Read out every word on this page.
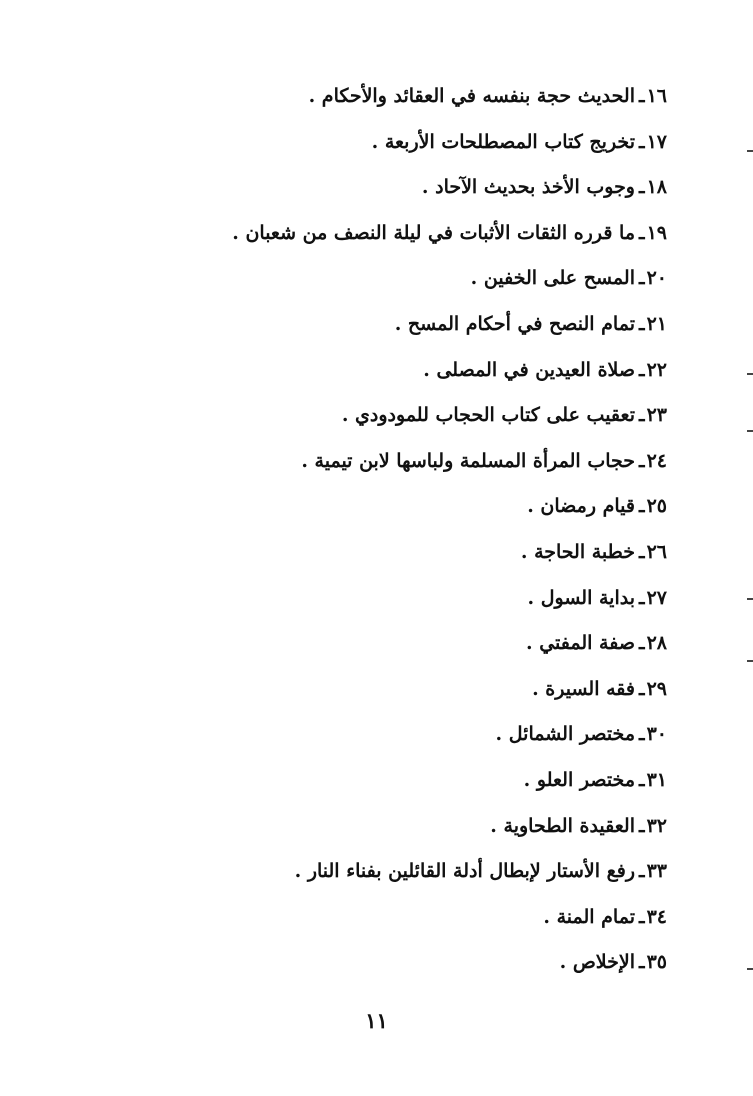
١٦ـالحديث حجة بنفسه في العقائد والأحكام .
١٧ـتخريج كتاب المصطلحات الأربعة .
١٨ـوجوب الأخذ بحديث الآحاد .
١٩ـما قرره الثقات الأثبات في ليلة النصف من شعبان .
٢٠ـالمسح على الخفين .
٢١ـتمام النصح في أحكام المسح .
٢٢ـصلاة العيدين في المصلى .
٢٣ـتعقيب على كتاب الحجاب للمودودي .
٢٤ـحجاب المرأة المسلمة ولباسها لابن تيمية .
٢٥ـقيام رمضان .
٢٦ـخطبة الحاجة .
٢٧ـبداية السول .
٢٨ـصفة المفتي .
٢٩ـفقه السيرة .
٣٠ـمختصر الشمائل .
٣١ـمختصر العلو .
٣٢ـالعقيدة الطحاوية .
٣٣ـرفع الأستار لإبطال أدلة القائلين بفناء النار .
٣٤ـتمام المنة .
٣٥ـالإخلاص .
١١
